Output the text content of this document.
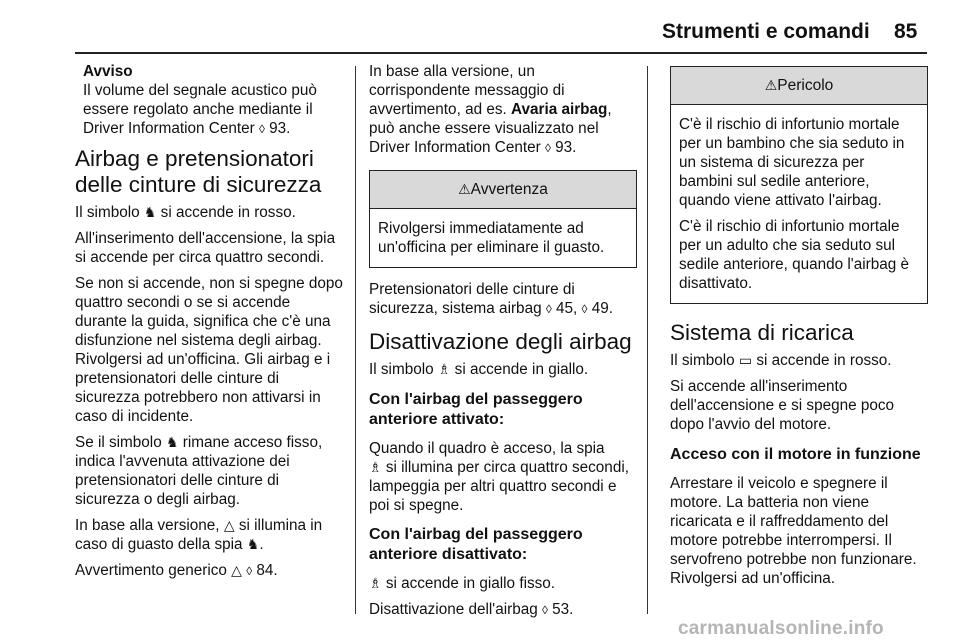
Strumenti e comandi 85

Avviso
Il volume del segnale acustico può essere regolato anche mediante il Driver Information Center ◊ 93.

Airbag e pretensionatori delle cinture di sicurezza

Il simbolo ♞ si accende in rosso.

All'inserimento dell'accensione, la spia si accende per circa quattro secondi.

Se non si accende, non si spegne dopo quattro secondi o se si accende durante la guida, significa che c'è una disfunzione nel sistema degli airbag. Rivolgersi ad un'officina. Gli airbag e i pretensionatori delle cinture di sicurezza potrebbero non attivarsi in caso di incidente.

Se il simbolo ♞ rimane acceso fisso, indica l'avvenuta attivazione dei pretensionatori delle cinture di sicurezza o degli airbag.

In base alla versione, △ si illumina in caso di guasto della spia ♞.

Avvertimento generico △ ◊ 84.

In base alla versione, un corrispondente messaggio di avvertimento, ad es. Avaria airbag, può anche essere visualizzato nel Driver Information Center ◊ 93.

⚠Avvertenza

Rivolgersi immediatamente ad un'officina per eliminare il guasto.

Pretensionatori delle cinture di sicurezza, sistema airbag ◊ 45, ◊ 49.

Disattivazione degli airbag

Il simbolo ♗ si accende in giallo.

Con l'airbag del passeggero anteriore attivato:

Quando il quadro è acceso, la spia
♗ si illumina per circa quattro secondi, lampeggia per altri quattro secondi e poi si spegne.

Con l'airbag del passeggero anteriore disattivato:

♗ si accende in giallo fisso.

Disattivazione dell'airbag ◊ 53.

⚠Pericolo

C'è il rischio di infortunio mortale per un bambino che sia seduto in un sistema di sicurezza per bambini sul sedile anteriore, quando viene attivato l'airbag.

C'è il rischio di infortunio mortale per un adulto che sia seduto sul sedile anteriore, quando l'airbag è disattivato.

Sistema di ricarica

Il simbolo ▭ si accende in rosso.

Si accende all'inserimento dell'accensione e si spegne poco dopo l'avvio del motore.

Acceso con il motore in funzione

Arrestare il veicolo e spegnere il motore. La batteria non viene ricaricata e il raffreddamento del motore potrebbe interrompersi. Il servofreno potrebbe non funzionare. Rivolgersi ad un'officina.

carmanualsonline.info
